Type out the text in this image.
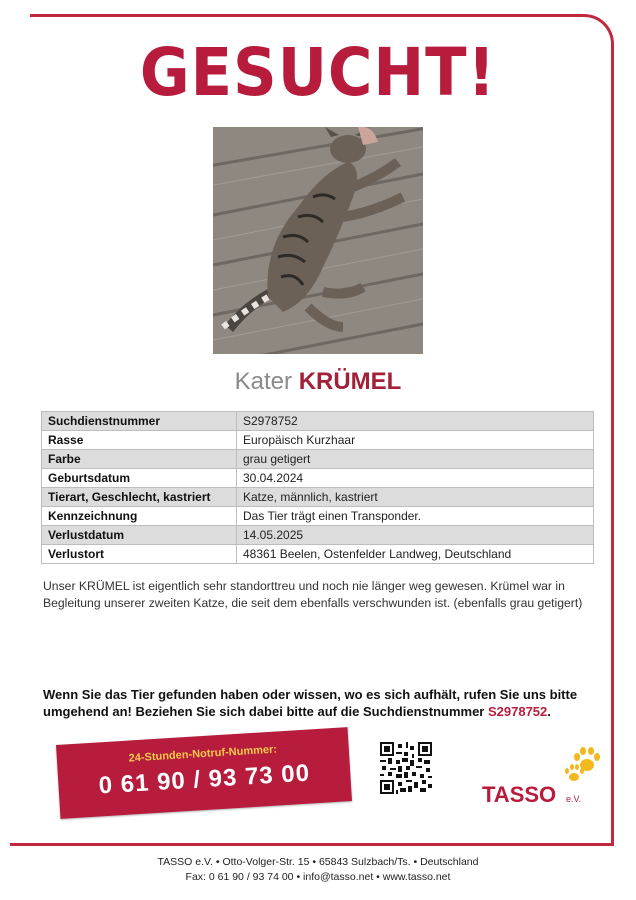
GESUCHT!
Kater KRÜMEL
Suchdienstnummer	S2978752
Rasse	Europäisch Kurzhaar
Farbe	grau getigert
Geburtsdatum	30.04.2024
Tierart, Geschlecht, kastriert	Katze, männlich, kastriert
Kennzeichnung	Das Tier trägt einen Transponder.
Verlustdatum	14.05.2025
Verlustort	48361 Beelen, Ostenfelder Landweg, Deutschland
Unser KRÜMEL ist eigentlich sehr standorttreu und noch nie länger weg gewesen. Krümel war in Begleitung unserer zweiten Katze, die seit dem ebenfalls verschwunden ist. (ebenfalls grau getigert)
Wenn Sie das Tier gefunden haben oder wissen, wo es sich aufhält, rufen Sie uns bitte umgehend an! Beziehen Sie sich dabei bitte auf die Suchdienstnummer S2978752.
24-Stunden-Notruf-Nummer:
0 61 90 / 93 73 00	TASSO e.V.
TASSO e.V. • Otto-Volger-Str. 15 • 65843 Sulzbach/Ts. • Deutschland
Fax: 0 61 90 / 93 74 00 • info@tasso.net • www.tasso.net
